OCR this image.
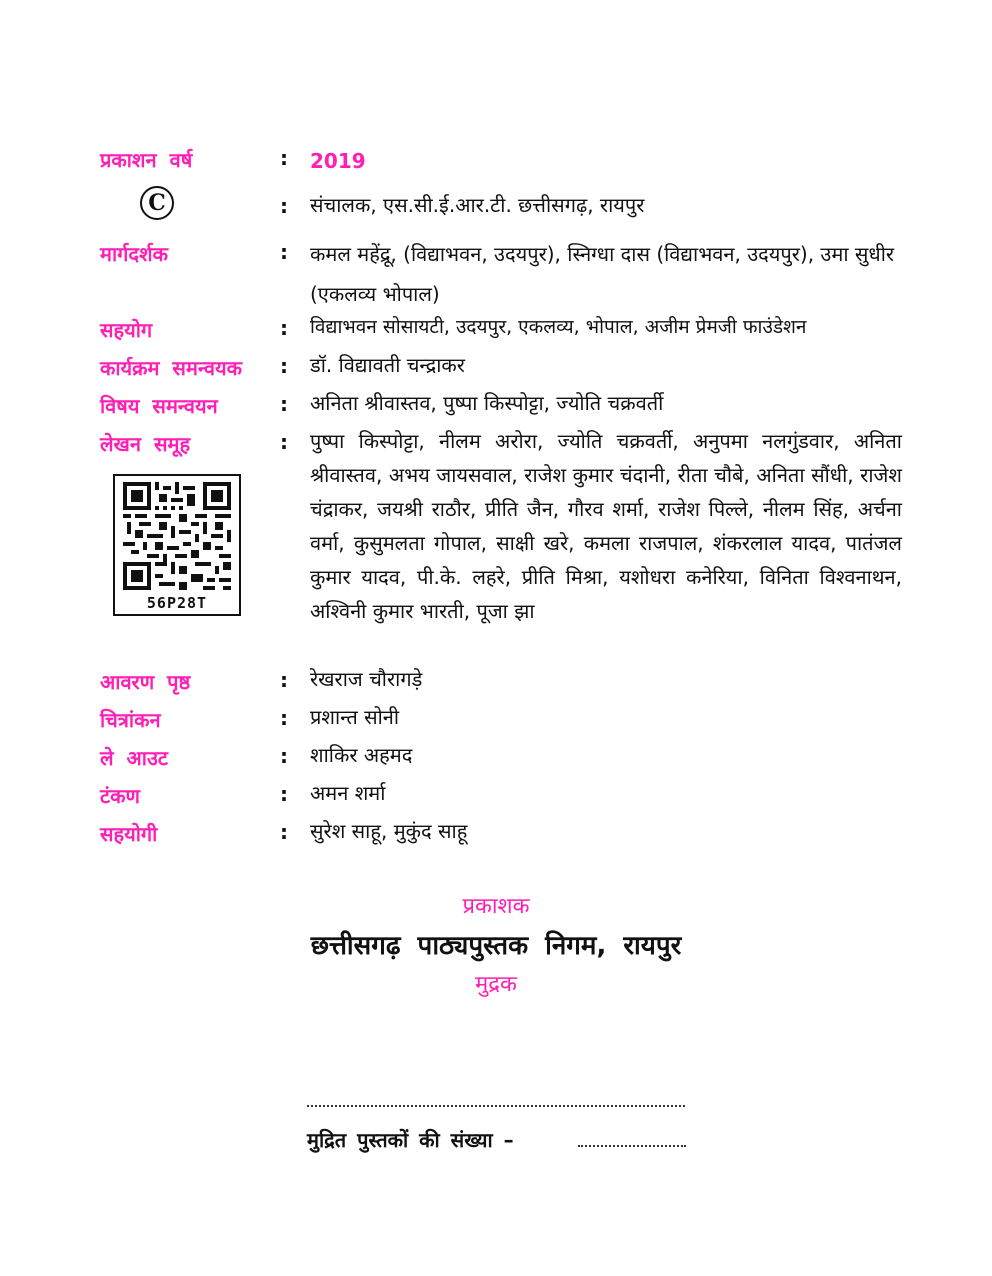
प्रकाशन वर्ष	: 2019
C	: संचालक, एस.सी.ई.आर.टी. छत्तीसगढ़, रायपुर
मार्गदर्शक	: कमल महेंद्रू, (विद्याभवन, उदयपुर), स्निग्धा दास (विद्याभवन, उदयपुर), उमा सुधीर (एकलव्य भोपाल)
सहयोग	: विद्याभवन सोसायटी, उदयपुर, एकलव्य, भोपाल, अजीम प्रेमजी फाउंडेशन
कार्यक्रम समन्वयक : डॉ. विद्यावती चन्द्राकर
विषय समन्वयन	: अनिता श्रीवास्तव, पुष्पा किस्पोट्टा, ज्योति चक्रवर्ती
लेखन समूह	: पुष्पा किस्पोट्टा, नीलम अरोरा, ज्योति चक्रवर्ती, अनुपमा नलगुंडवार, अनिता श्रीवास्तव, अभय जायसवाल, राजेश कुमार चंदानी, रीता चौबे, अनिता सौंधी, राजेश चंद्राकर, जयश्री राठौर, प्रीति जैन, गौरव शर्मा, राजेश पिल्ले, नीलम सिंह, अर्चना वर्मा, कुसुमलता गोपाल, साक्षी खरे, कमला राजपाल, शंकरलाल यादव, पातंजल कुमार यादव, पी.के. लहरे, प्रीति मिश्रा, यशोधरा कनेरिया, विनिता विश्वनाथन, अश्विनी कुमार भारती, पूजा झा
56P28T
आवरण पृष्ठ	: रेखराज चौरागड़े
चित्रांकन	: प्रशान्त सोनी
ले आउट	: शाकिर अहमद
टंकण	: अमन शर्मा
सहयोगी	: सुरेश साहू, मुकुंद साहू
प्रकाशक
छत्तीसगढ़ पाठ्यपुस्तक निगम, रायपुर
मुद्रक
मुद्रित पुस्तकों की संख्या –
